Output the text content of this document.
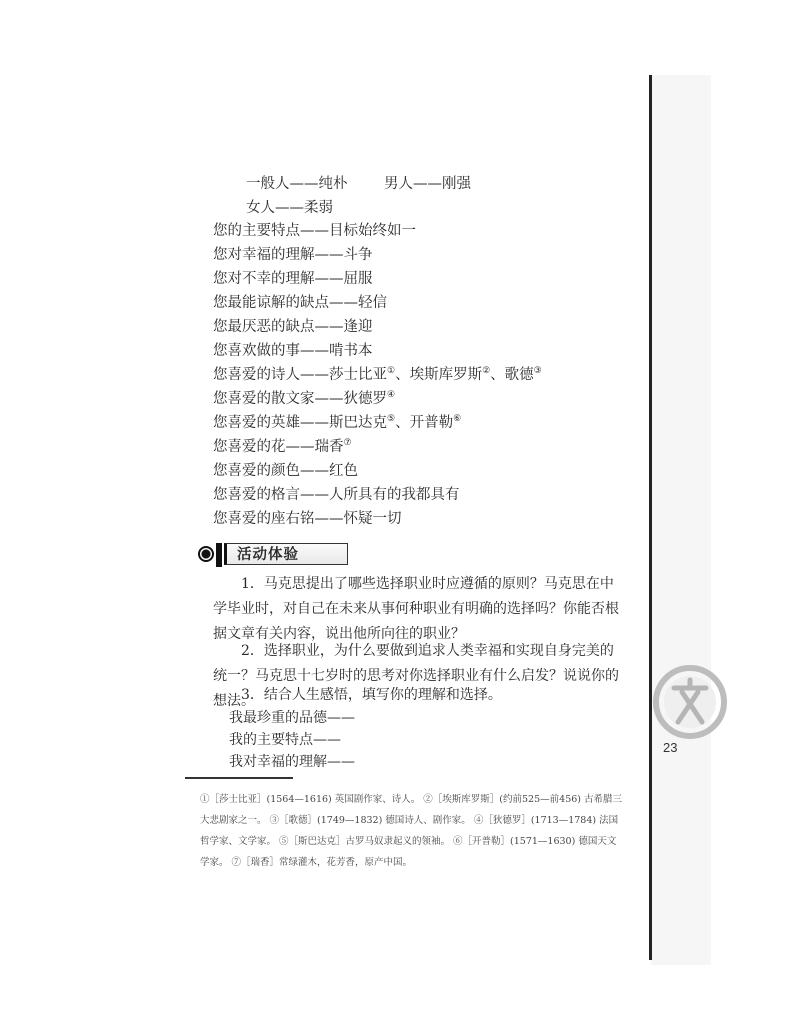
23
一般人——纯朴	男人——刚强
女人——柔弱
您的主要特点——目标始终如一
您对幸福的理解——斗争
您对不幸的理解——屈服
您最能谅解的缺点——轻信
您最厌恶的缺点——逢迎
您喜欢做的事——啃书本
您喜爱的诗人——莎士比亚①、埃斯库罗斯②、歌德③
您喜爱的散文家——狄德罗④
您喜爱的英雄——斯巴达克⑤、开普勒⑥
您喜爱的花——瑞香⑦
您喜爱的颜色——红色
您喜爱的格言——人所具有的我都具有
您喜爱的座右铭——怀疑一切
活动体验
1．马克思提出了哪些选择职业时应遵循的原则？马克思在中学毕业时，对自己在未来从事何种职业有明确的选择吗？你能否根据文章有关内容，说出他所向往的职业？
2．选择职业，为什么要做到追求人类幸福和实现自身完美的统一？马克思十七岁时的思考对你选择职业有什么启发？说说你的想法。
3．结合人生感悟，填写你的理解和选择。
我最珍重的品德——
我的主要特点——
我对幸福的理解——
①［莎士比亚］(1564—1616) 英国剧作家、诗人。 ②［埃斯库罗斯］(约前525—前456) 古希腊三大悲剧家之一。 ③［歌德］(1749—1832) 德国诗人、剧作家。 ④［狄德罗］(1713—1784) 法国哲学家、文学家。 ⑤［斯巴达克］古罗马奴隶起义的领袖。 ⑥［开普勒］(1571—1630) 德国天文学家。 ⑦［瑞香］常绿灌木，花芳香，原产中国。
